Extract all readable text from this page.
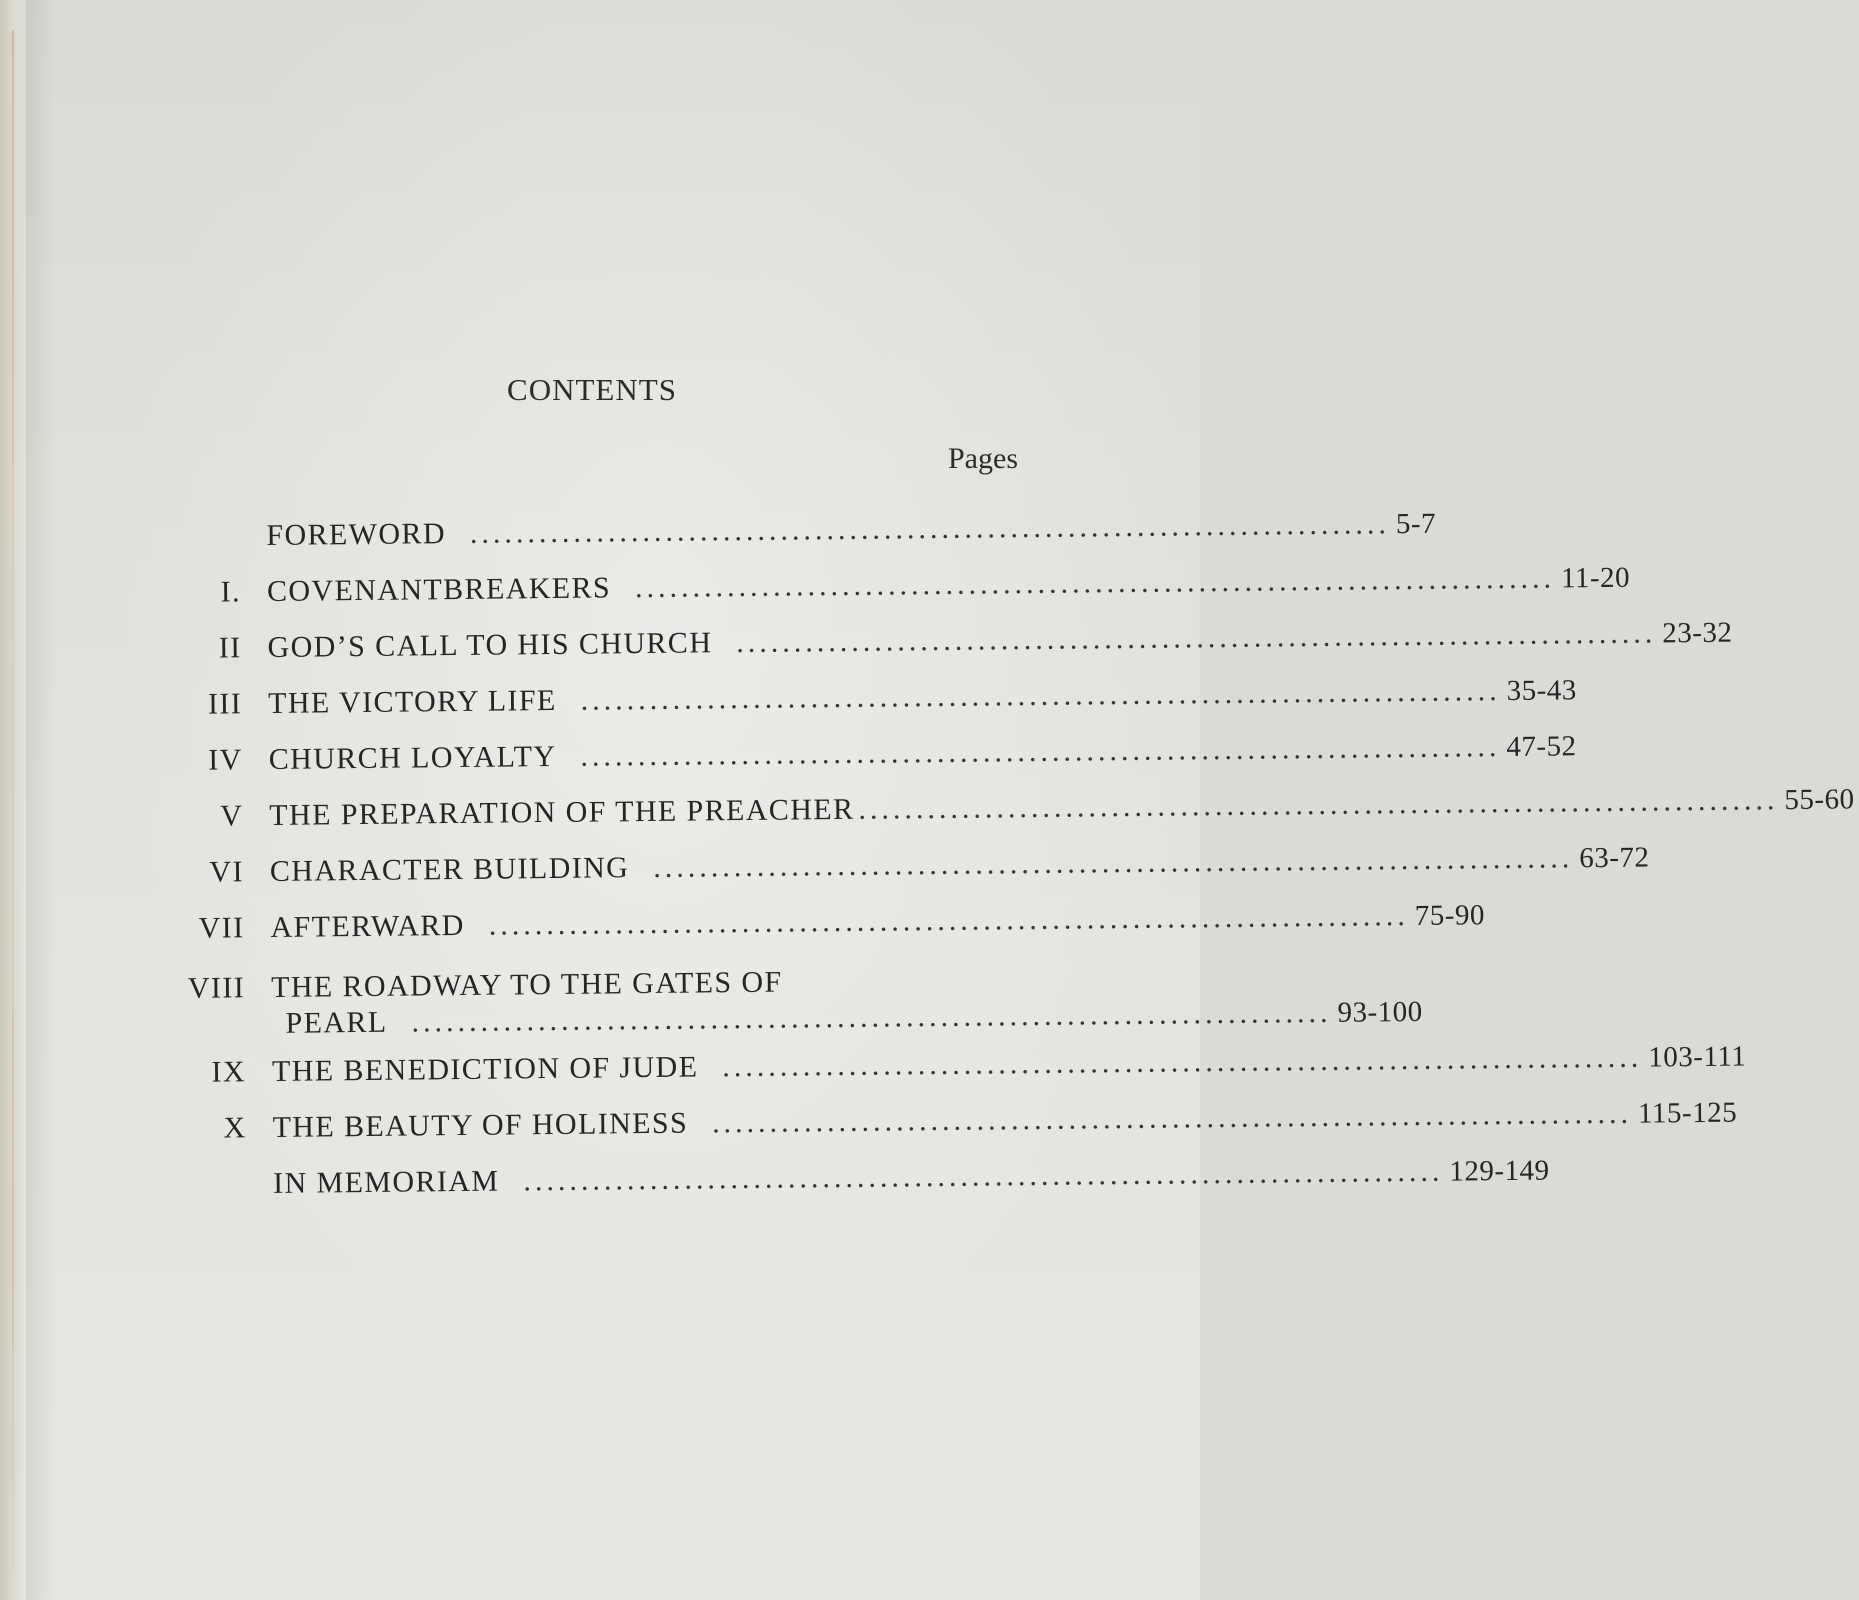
CONTENTS
Pages
FOREWORD ................................................................................ 5-7
I. COVENANTBREAKERS ................................................................................ 11-20
II GOD’S CALL TO HIS CHURCH ................................................................................ 23-32
III THE VICTORY LIFE ................................................................................ 35-43
IV CHURCH LOYALTY ................................................................................ 47-52
V THE PREPARATION OF THE PREACHER ................................................................................ 55-60
VI CHARACTER BUILDING ................................................................................ 63-72
VII AFTERWARD ................................................................................ 75-90
VIII THE ROADWAY TO THE GATES OF
PEARL ................................................................................ 93-100
IX THE BENEDICTION OF JUDE ................................................................................ 103-111
X THE BEAUTY OF HOLINESS ................................................................................ 115-125
IN MEMORIAM ................................................................................ 129-149
